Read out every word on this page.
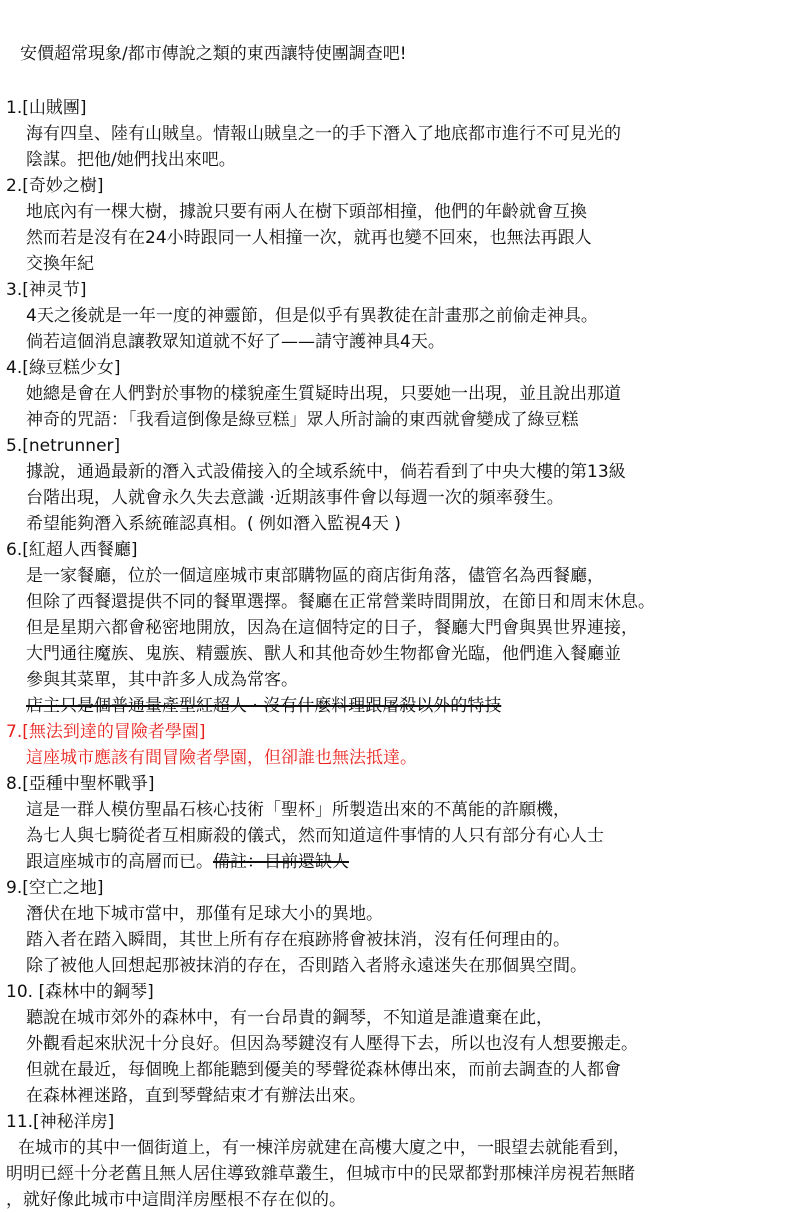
安價超常現象/都市傳說之類的東西讓特使團調查吧!
1.[山賊團]
海有四皇、陸有山賊皇。情報山賊皇之一的手下潛入了地底都市進行不可見光的
陰謀。把他/她們找出來吧。
2.[奇妙之樹]
地底內有一棵大樹，據說只要有兩人在樹下頭部相撞，他們的年齡就會互換
然而若是沒有在24小時跟同一人相撞一次，就再也變不回來，也無法再跟人
交換年紀
3.[神灵节]
4天之後就是一年一度的神靈節，但是似乎有異教徒在計畫那之前偷走神具。
倘若這個消息讓教眾知道就不好了——請守護神具4天。
4.[綠豆糕少女]
她總是會在人們對於事物的樣貌產生質疑時出現，只要她一出現，並且說出那道
神奇的咒語：「我看這倒像是綠豆糕」眾人所討論的東西就會變成了綠豆糕
5.[netrunner]
據說，通過最新的潛入式設備接入的全域系統中，倘若看到了中央大樓的第13級
台階出現，人就會永久失去意識 ·近期該事件會以每週一次的頻率發生。
希望能夠潛入系統確認真相。( 例如潛入監視4天 )
6.[紅超人西餐廳]
是一家餐廳，位於一個這座城市東部購物區的商店街角落，儘管名為西餐廳，
但除了西餐還提供不同的餐單選擇。餐廳在正常營業時間開放，在節日和周末休息。
但是星期六都會秘密地開放，因為在這個特定的日子，餐廳大門會與異世界連接，
大門通往魔族、鬼族、精靈族、獸人和其他奇妙生物都會光臨，他們進入餐廳並
參與其菜單，其中許多人成為常客。
店主只是個普通量產型紅超人 · 沒有什麼料理跟屠殺以外的特技
7.[無法到達的冒險者學園]
這座城市應該有間冒險者學園，但卻誰也無法抵達。
8.[亞種中聖杯戰爭]
這是一群人模仿聖晶石核心技術「聖杯」所製造出來的不萬能的許願機，
為七人與七騎從者互相廝殺的儀式，然而知道這件事情的人只有部分有心人士
跟這座城市的高層而已。備註：目前還缺人
9.[空亡之地]
潛伏在地下城市當中，那僅有足球大小的異地。
踏入者在踏入瞬間，其世上所有存在痕跡將會被抹消，沒有任何理由的。
除了被他人回想起那被抹消的存在，否則踏入者將永遠迷失在那個異空間。
10. [森林中的鋼琴]
聽說在城市郊外的森林中，有一台昂貴的鋼琴，不知道是誰遺棄在此，
外觀看起來狀況十分良好。但因為琴鍵沒有人壓得下去，所以也沒有人想要搬走。
但就在最近，每個晚上都能聽到優美的琴聲從森林傳出來，而前去調查的人都會
在森林裡迷路，直到琴聲結束才有辦法出來。
11.[神秘洋房]
在城市的其中一個街道上，有一棟洋房就建在高樓大廈之中，一眼望去就能看到，
明明已經十分老舊且無人居住導致雜草叢生，但城市中的民眾都對那棟洋房視若無睹
，就好像此城市中這間洋房壓根不存在似的。
